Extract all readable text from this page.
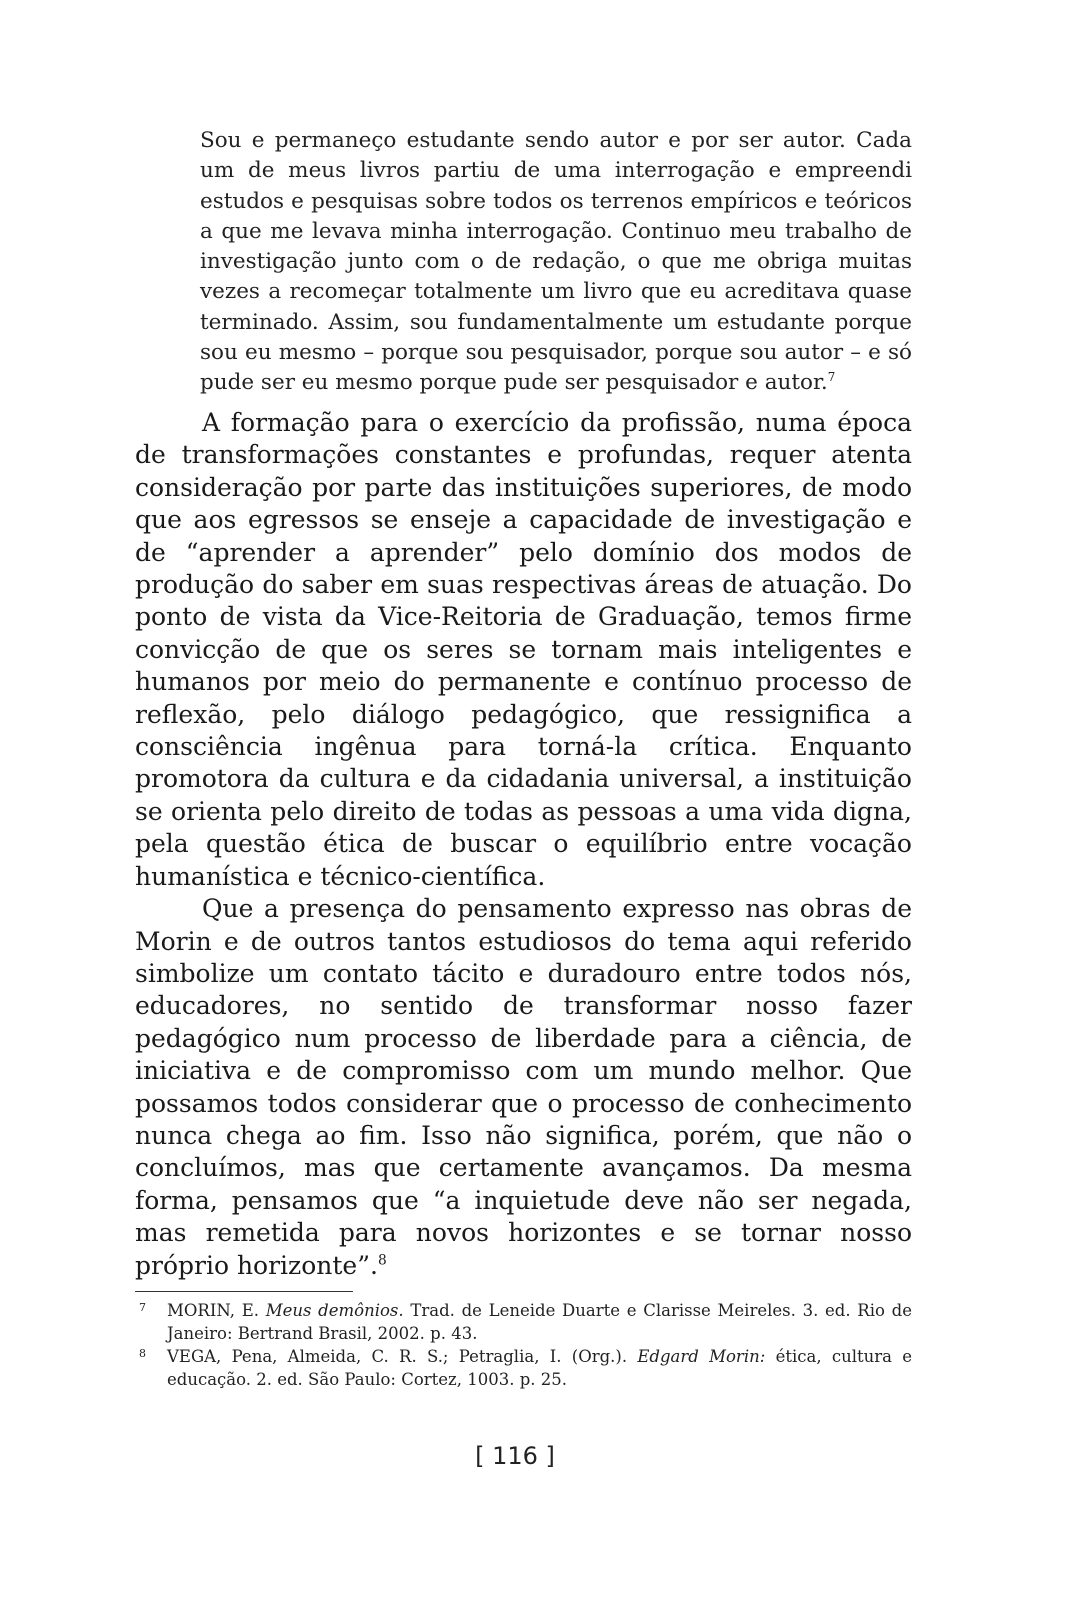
Sou e permaneço estudante sendo autor e por ser autor. Cada um de meus livros partiu de uma interrogação e empreendi estudos e pesquisas sobre todos os terrenos empíricos e teóricos a que me levava minha interrogação. Continuo meu trabalho de investigação junto com o de redação, o que me obriga muitas vezes a recomeçar totalmente um livro que eu acreditava quase terminado. Assim, sou fundamentalmente um estudante porque sou eu mesmo – porque sou pesquisador, porque sou autor – e só pude ser eu mesmo porque pude ser pesquisador e autor.$^7$

A formação para o exercício da profissão, numa época de transformações constantes e profundas, requer atenta consideração por parte das instituições superiores, de modo que aos egressos se enseje a capacidade de investigação e de “aprender a aprender” pelo domínio dos modos de produção do saber em suas respectivas áreas de atuação. Do ponto de vista da Vice-Reitoria de Graduação, temos firme convicção de que os seres se tornam mais inteligentes e humanos por meio do permanente e contínuo processo de reflexão, pelo diálogo pedagógico, que ressignifica a consciência ingênua para torná-la crítica. Enquanto promotora da cultura e da cidadania universal, a instituição se orienta pelo direito de todas as pessoas a uma vida digna, pela questão ética de buscar o equilíbrio entre vocação humanística e técnico-científica.

Que a presença do pensamento expresso nas obras de Morin e de outros tantos estudiosos do tema aqui referido simbolize um contato tácito e duradouro entre todos nós, educadores, no sentido de transformar nosso fazer pedagógico num processo de liberdade para a ciência, de iniciativa e de compromisso com um mundo melhor. Que possamos todos considerar que o processo de conhecimento nunca chega ao fim. Isso não significa, porém, que não o concluímos, mas que certamente avançamos. Da mesma forma, pensamos que “a inquietude deve não ser negada, mas remetida para novos horizontes e se tornar nosso próprio horizonte”.$^8$

7 MORIN, E. Meus demônios. Trad. de Leneide Duarte e Clarisse Meireles. 3. ed. Rio de Janeiro: Bertrand Brasil, 2002. p. 43.
8 VEGA, Pena, Almeida, C. R. S.; Petraglia, I. (Org.). Edgard Morin: ética, cultura e educação. 2. ed. São Paulo: Cortez, 1003. p. 25.
[ 116 ]
